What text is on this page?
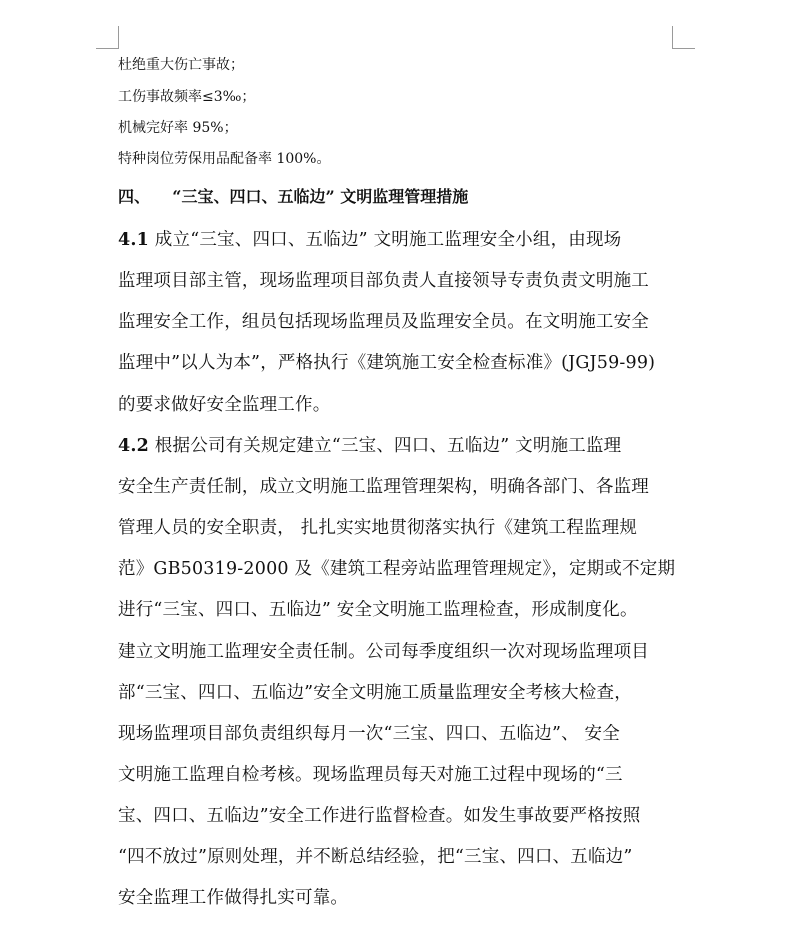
杜绝重大伤亡事故；
工伤事故频率≤3‰；
机械完好率 95%；
特种岗位劳保用品配备率 100%。
四、    “三宝、四口、五临边” 文明监理管理措施
4.1 成立“三宝、四口、五临边” 文明施工监理安全小组，由现场
监理项目部主管，现场监理项目部负责人直接领导专责负责文明施工
监理安全工作，组员包括现场监理员及监理安全员。在文明施工安全
监理中”以人为本”，严格执行《建筑施工安全检查标准》(JGJ59-99)
的要求做好安全监理工作。
4.2 根据公司有关规定建立“三宝、四口、五临边” 文明施工监理
安全生产责任制，成立文明施工监理管理架构，明确各部门、各监理
管理人员的安全职责， 扎扎实实地贯彻落实执行《建筑工程监理规
范》GB50319-2000 及《建筑工程旁站监理管理规定》，定期或不定期
进行“三宝、四口、五临边” 安全文明施工监理检查，形成制度化。
建立文明施工监理安全责任制。公司每季度组织一次对现场监理项目
部“三宝、四口、五临边”安全文明施工质量监理安全考核大检查，
现场监理项目部负责组织每月一次“三宝、四口、五临边”、 安全
文明施工监理自检考核。现场监理员每天对施工过程中现场的“三
宝、四口、五临边”安全工作进行监督检查。如发生事故要严格按照
“四不放过”原则处理，并不断总结经验，把“三宝、四口、五临边”
安全监理工作做得扎实可靠。
